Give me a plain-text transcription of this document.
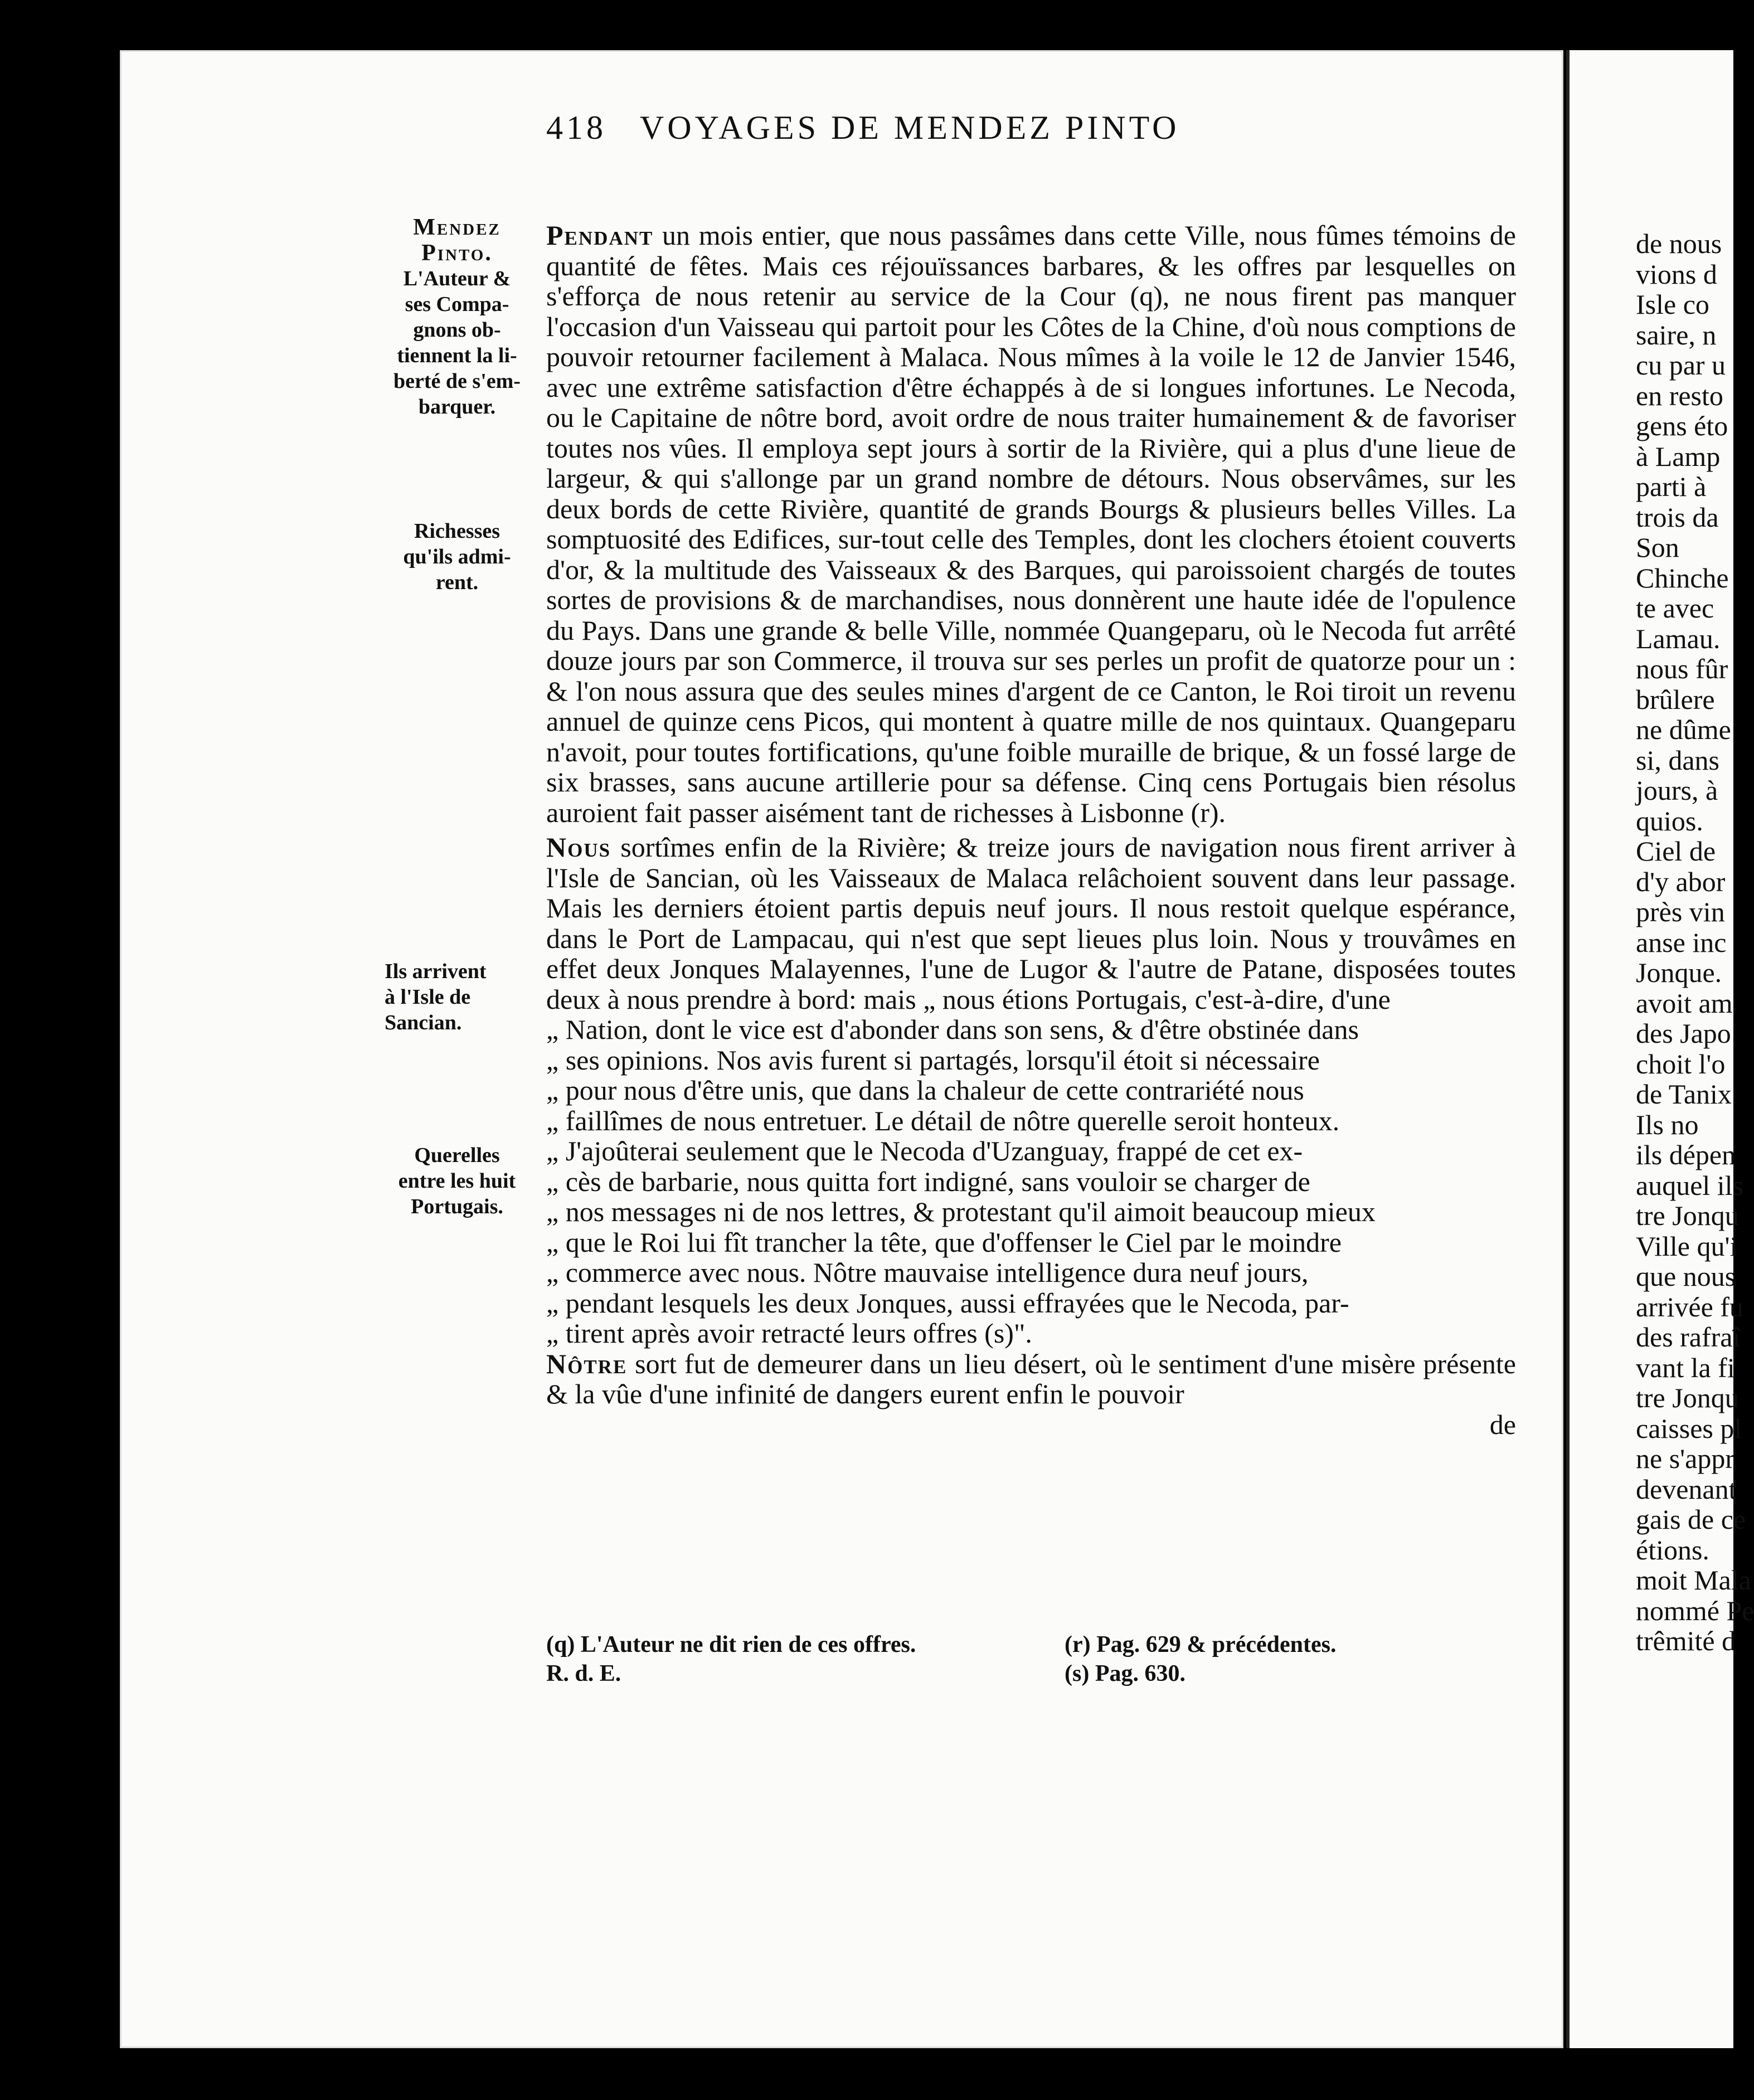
418 VOYAGES DE MENDEZ PINTO
Mendez
Pinto.
L'Auteur &
ses Compa-
gnons ob-
tiennent la li-
berté de s'em-
barquer.
Richesses
qu'ils admi-
rent.
Ils arrivent
à l'Isle de
Sancian.
Querelles
entre les huit
Portugais.

Pendant un mois entier, que nous passâmes dans cette Ville, nous fûmes témoins de quantité de fêtes. Mais ces réjouïssances barbares, & les offres par lesquelles on s'efforça de nous retenir au service de la Cour (q), ne nous firent pas manquer l'occasion d'un Vaisseau qui partoit pour les Côtes de la Chine, d'où nous comptions de pouvoir retourner facilement à Malaca. Nous mîmes à la voile le 12 de Janvier 1546, avec une extrême satisfaction d'être échappés à de si longues infortunes. Le Necoda, ou le Capitaine de nôtre bord, avoit ordre de nous traiter humainement & de favoriser toutes nos vûes. Il employa sept jours à sortir de la Rivière, qui a plus d'une lieue de largeur, & qui s'allonge par un grand nombre de détours. Nous observâmes, sur les deux bords de cette Rivière, quantité de grands Bourgs & plusieurs belles Villes. La somptuosité des Edifices, sur-tout celle des Temples, dont les clochers étoient couverts d'or, & la multitude des Vaisseaux & des Barques, qui paroissoient chargés de toutes sortes de provisions & de marchandises, nous donnèrent une haute idée de l'opulence du Pays. Dans une grande & belle Ville, nommée Quangeparu, où le Necoda fut arrêté douze jours par son Commerce, il trouva sur ses perles un profit de quatorze pour un : & l'on nous assura que des seules mines d'argent de ce Canton, le Roi tiroit un revenu annuel de quinze cens Picos, qui montent à quatre mille de nos quintaux. Quangeparu n'avoit, pour toutes fortifications, qu'une foible muraille de brique, & un fossé large de six brasses, sans aucune artillerie pour sa défense. Cinq cens Portugais bien résolus auroient fait passer aisément tant de richesses à Lisbonne (r).

Nous sortîmes enfin de la Rivière; & treize jours de navigation nous firent arriver à l'Isle de Sancian, où les Vaisseaux de Malaca relâchoient souvent dans leur passage. Mais les derniers étoient partis depuis neuf jours. Il nous restoit quelque espérance, dans le Port de Lampacau, qui n'est que sept lieues plus loin. Nous y trouvâmes en effet deux Jonques Malayennes, l'une de Lugor & l'autre de Patane, disposées toutes deux à nous prendre à bord: mais „ nous étions Portugais, c'est-à-dire, d'une

„ Nation, dont le vice est d'abonder dans son sens, & d'être obstinée dans
„ ses opinions. Nos avis furent si partagés, lorsqu'il étoit si nécessaire
„ pour nous d'être unis, que dans la chaleur de cette contrariété nous
„ faillîmes de nous entretuer. Le détail de nôtre querelle seroit honteux.
„ J'ajoûterai seulement que le Necoda d'Uzanguay, frappé de cet ex-
„ cès de barbarie, nous quitta fort indigné, sans vouloir se charger de
„ nos messages ni de nos lettres, & protestant qu'il aimoit beaucoup mieux
„ que le Roi lui fît trancher la tête, que d'offenser le Ciel par le moindre
„ commerce avec nous. Nôtre mauvaise intelligence dura neuf jours,
„ pendant lesquels les deux Jonques, aussi effrayées que le Necoda, par-
„ tirent après avoir retracté leurs offres (s)".

Nôtre sort fut de demeurer dans un lieu désert, où le sentiment d'une misère présente & la vûe d'une infinité de dangers eurent enfin le pouvoir

de
(q) L'Auteur ne dit rien de ces offres.
R. d. E.
(r) Pag. 629 & précédentes.
(s) Pag. 630.
de nous
vions d
Isle co
saire, n
cu par u
en resto
gens éto
à Lamp
parti à
trois da
Son
Chinche
te avec
Lamau.
nous fûr
brûlere
ne dûme
si, dans
jours, à
quios.
Ciel de
d'y abor
près vin
anse inc
Jonque.
avoit am
des Japo
choit l'o
de Tanix
Ils no
ils dépen
auquel ils
tre Jonqu
Ville qu'i
que nous
arrivée fu
des rafraî
vant la fi
tre Jonqu
caisses pl
ne s'appr
devenant
gais de ce
étions.
moit Mala
nommé Pe
trêmité d
